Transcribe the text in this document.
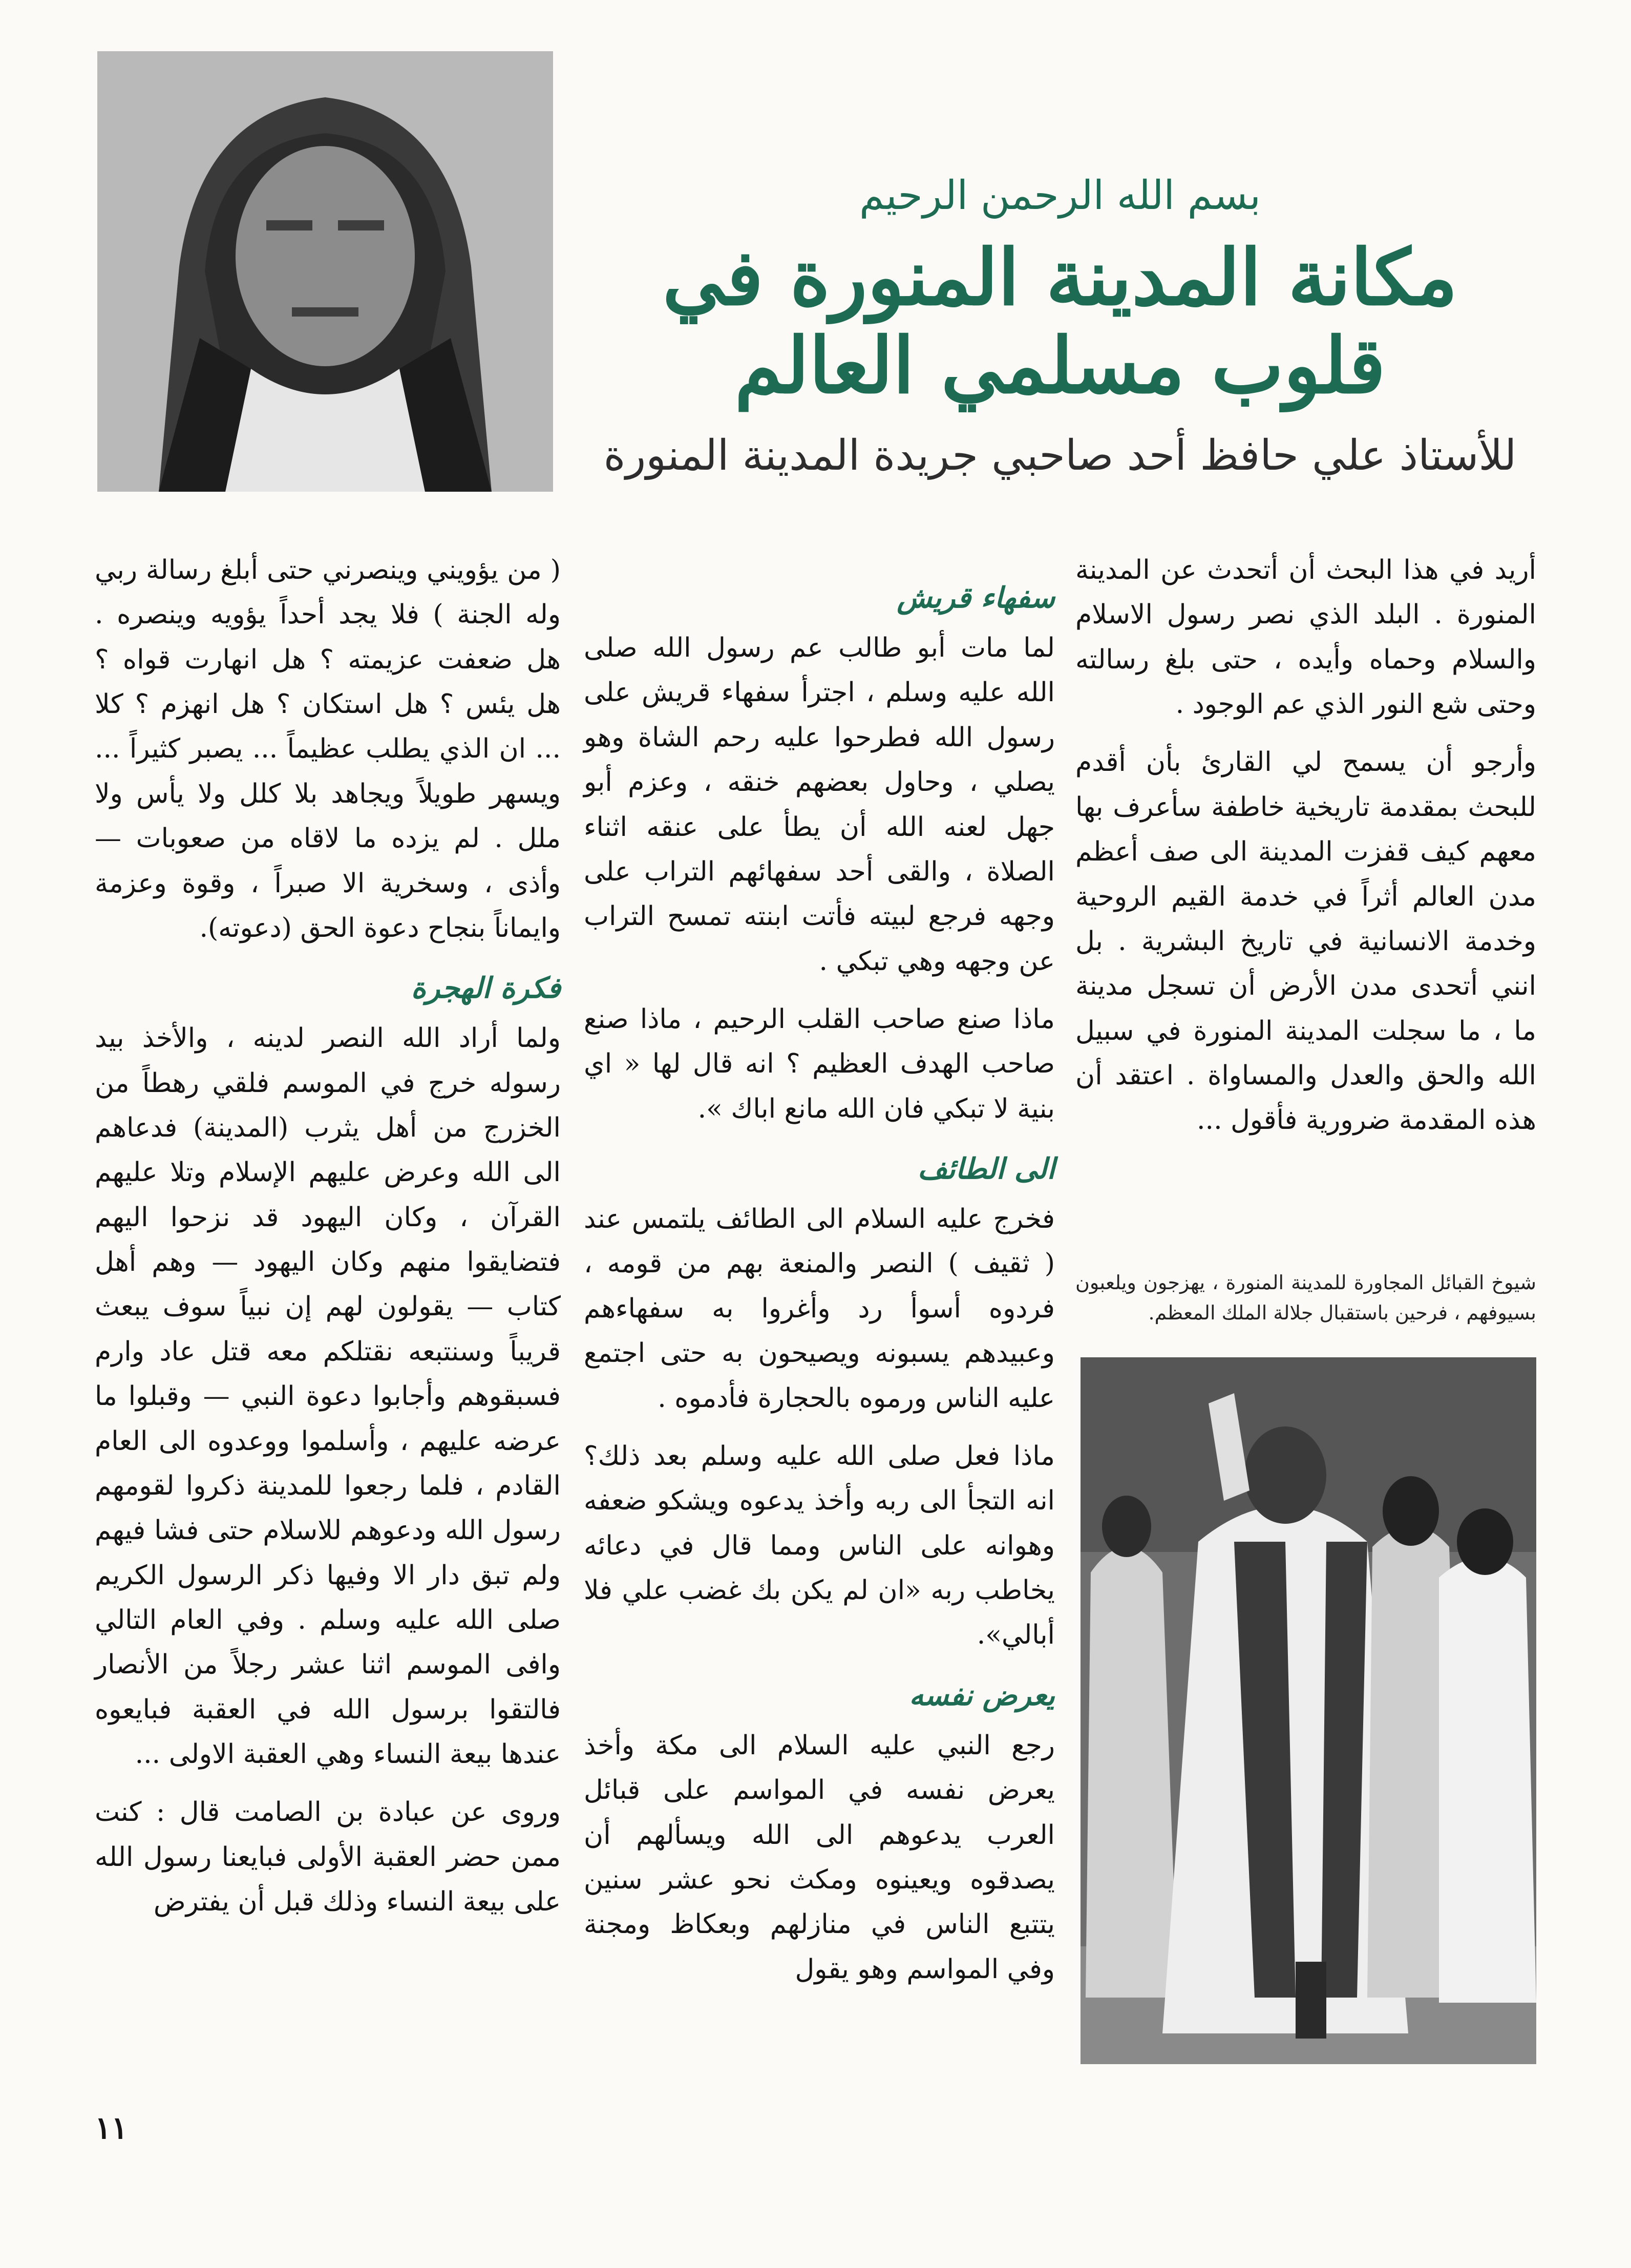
بسم الله الرحمن الرحيم
مكانة المدينة المنورة في قلوب مسلمي العالم
للأستاذ علي حافظ أحد صاحبي جريدة المدينة المنورة

أريد في هذا البحث أن أتحدث عن المدينة المنورة . البلد الذي نصر رسول الاسلام والسلام وحماه وأيده ، حتى بلغ رسالته وحتى شع النور الذي عم الوجود .

وأرجو أن يسمح لي القارئ بأن أقدم للبحث بمقدمة تاريخية خاطفة سأعرف بها معهم كيف قفزت المدينة الى صف أعظم مدن العالم أثراً في خدمة القيم الروحية وخدمة الانسانية في تاريخ البشرية . بل انني أتحدى مدن الأرض أن تسجل مدينة ما ، ما سجلت المدينة المنورة في سبيل الله والحق والعدل والمساواة . اعتقد أن هذه المقدمة ضرورية فأقول ...

شيوخ القبائل المجاورة للمدينة المنورة ، يهزجون ويلعبون بسيوفهم ، فرحين باستقبال جلالة الملك المعظم.
سفهاء قريش

لما مات أبو طالب عم رسول الله صلى الله عليه وسلم ، اجترأ سفهاء قريش على رسول الله فطرحوا عليه رحم الشاة وهو يصلي ، وحاول بعضهم خنقه ، وعزم أبو جهل لعنه الله أن يطأ على عنقه اثناء الصلاة ، والقى أحد سفهائهم التراب على وجهه فرجع لبيته فأتت ابنته تمسح التراب عن وجهه وهي تبكي .

ماذا صنع صاحب القلب الرحيم ، ماذا صنع صاحب الهدف العظيم ؟ انه قال لها « اي بنية لا تبكي فان الله مانع اباك ».

الى الطائف

فخرج عليه السلام الى الطائف يلتمس عند ( ثقيف ) النصر والمنعة بهم من قومه ، فردوه أسوأ رد وأغروا به سفهاءهم وعبيدهم يسبونه ويصيحون به حتى اجتمع عليه الناس ورموه بالحجارة فأدموه .

ماذا فعل صلى الله عليه وسلم بعد ذلك؟ انه التجأ الى ربه وأخذ يدعوه ويشكو ضعفه وهوانه على الناس ومما قال في دعائه يخاطب ربه «ان لم يكن بك غضب علي فلا أبالي».

يعرض نفسه

رجع النبي عليه السلام الى مكة وأخذ يعرض نفسه في المواسم على قبائل العرب يدعوهم الى الله ويسألهم أن يصدقوه ويعينوه ومكث نحو عشر سنين يتتبع الناس في منازلهم وبعكاظ ومجنة وفي المواسم وهو يقول

( من يؤويني وينصرني حتى أبلغ رسالة ربي وله الجنة ) فلا يجد أحداً يؤويه وينصره . هل ضعفت عزيمته ؟ هل انهارت قواه ؟ هل يئس ؟ هل استكان ؟ هل انهزم ؟ كلا ... ان الذي يطلب عظيماً ... يصبر كثيراً ... ويسهر طويلاً ويجاهد بلا كلل ولا يأس ولا ملل . لم يزده ما لاقاه من صعوبات — وأذى ، وسخرية الا صبراً ، وقوة وعزمة وايماناً بنجاح دعوة الحق (دعوته).

فكرة الهجرة

ولما أراد الله النصر لدينه ، والأخذ بيد رسوله خرج في الموسم فلقي رهطاً من الخزرج من أهل يثرب (المدينة) فدعاهم الى الله وعرض عليهم الإسلام وتلا عليهم القرآن ، وكان اليهود قد نزحوا اليهم فتضايقوا منهم وكان اليهود — وهم أهل كتاب — يقولون لهم إن نبياً سوف يبعث قريباً وسنتبعه نقتلكم معه قتل عاد وارم فسبقوهم وأجابوا دعوة النبي — وقبلوا ما عرضه عليهم ، وأسلموا ووعدوه الى العام القادم ، فلما رجعوا للمدينة ذكروا لقومهم رسول الله ودعوهم للاسلام حتى فشا فيهم ولم تبق دار الا وفيها ذكر الرسول الكريم صلى الله عليه وسلم . وفي العام التالي وافى الموسم اثنا عشر رجلاً من الأنصار فالتقوا برسول الله في العقبة فبايعوه عندها بيعة النساء وهي العقبة الاولى ...

وروى عن عبادة بن الصامت قال : كنت ممن حضر العقبة الأولى فبايعنا رسول الله على بيعة النساء وذلك قبل أن يفترض

١١
